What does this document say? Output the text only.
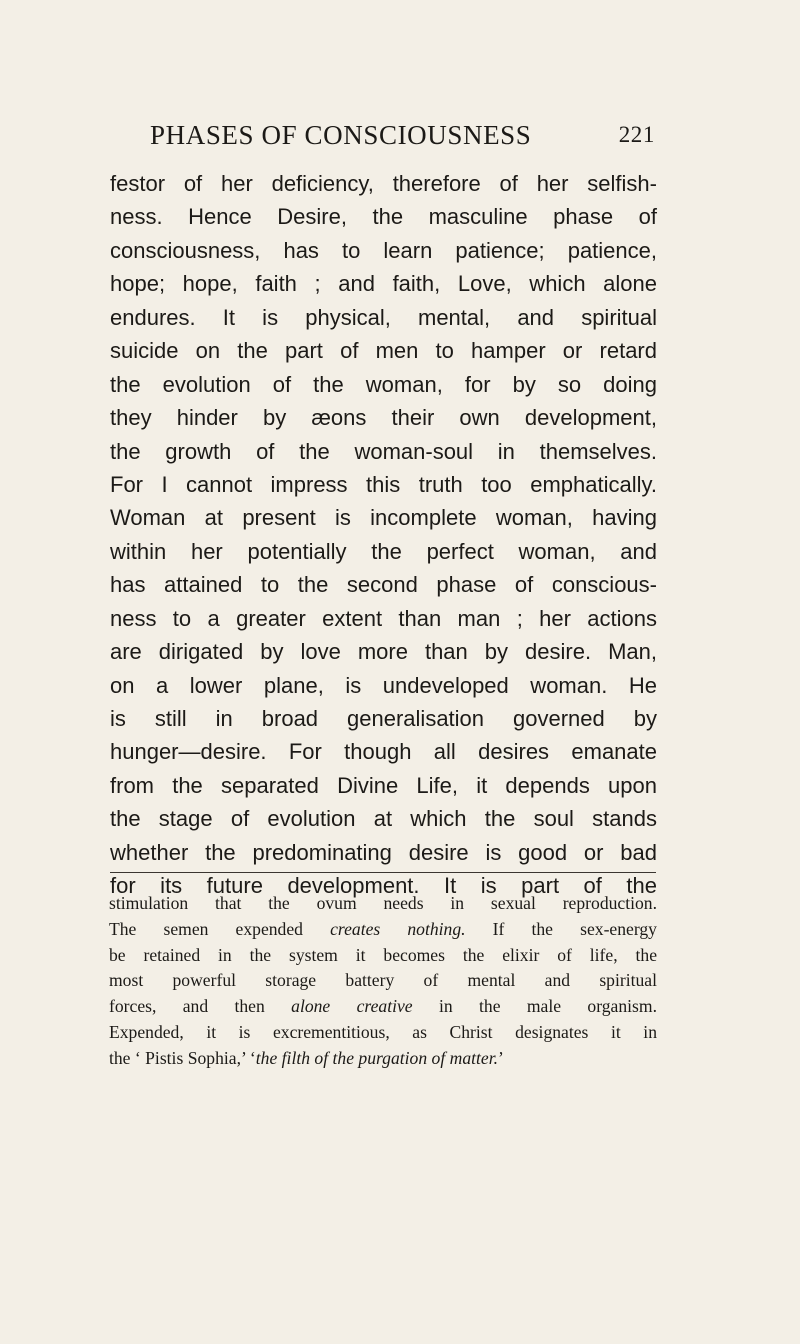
PHASES OF CONSCIOUSNESS	221
festor of her deficiency, therefore of her selfish-
ness. Hence Desire, the masculine phase of
consciousness, has to learn patience; patience,
hope; hope, faith ; and faith, Love, which alone
endures. It is physical, mental, and spiritual
suicide on the part of men to hamper or retard
the evolution of the woman, for by so doing
they hinder by æons their own development,
the growth of the woman-soul in themselves.
For I cannot impress this truth too emphatically.
Woman at present is incomplete woman, having
within her potentially the perfect woman, and
has attained to the second phase of conscious-
ness to a greater extent than man ; her actions
are dirigated by love more than by desire. Man,
on a lower plane, is undeveloped woman. He
is still in broad generalisation governed by
hunger—desire. For though all desires emanate
from the separated Divine Life, it depends upon
the stage of evolution at which the soul stands
whether the predominating desire is good or bad
for its future development. It is part of the
stimulation that the ovum needs in sexual reproduction.
The semen expended creates nothing. If the sex-energy
be retained in the system it becomes the elixir of life, the
most powerful storage battery of mental and spiritual
forces, and then alone creative in the male organism.
Expended, it is excrementitious, as Christ designates it in
the ‘ Pistis Sophia,’ ‘the filth of the purgation of matter.’
